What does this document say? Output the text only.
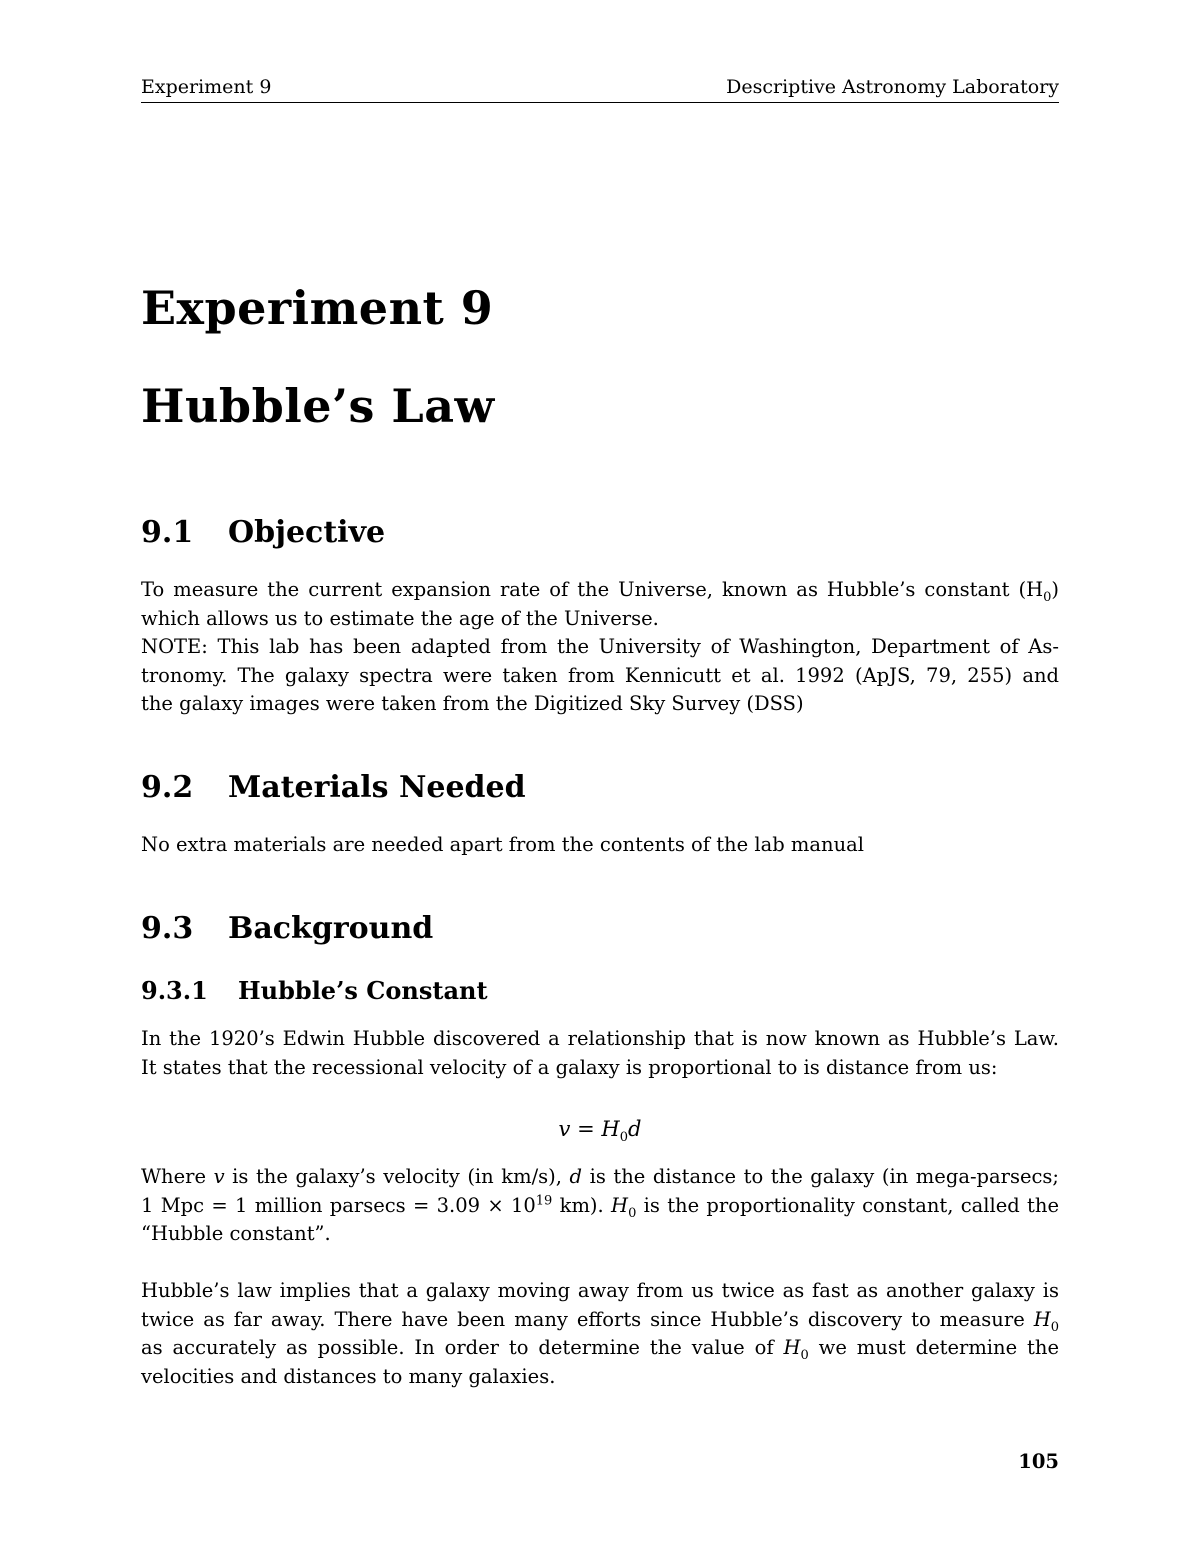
Experiment 9	Descriptive Astronomy Laboratory
Experiment 9
Hubble’s Law
9.1 Objective
To measure the current expansion rate of the Universe, known as Hubble’s constant $(H_0)$
which allows us to estimate the age of the Universe.
NOTE: This lab has been adapted from the University of Washington, Department of As-
tronomy. The galaxy spectra were taken from Kennicutt et al. 1992 (ApJS, 79, 255) and
the galaxy images were taken from the Digitized Sky Survey (DSS)
9.2 Materials Needed
No extra materials are needed apart from the contents of the lab manual
9.3 Background
9.3.1 Hubble’s Constant
In the 1920’s Edwin Hubble discovered a relationship that is now known as Hubble’s Law.
It states that the recessional velocity of a galaxy is proportional to is distance from us:
$v = H_0d$
Where v is the galaxy’s velocity (in km/s), d is the distance to the galaxy (in mega-parsecs;
1 Mpc = 1 million $parsecs = 3.09 \times 10^{19}$ km). $H_0$ is the proportionality constant, called the
“Hubble constant”.
Hubble’s law implies that a galaxy moving away from us twice as fast as another galaxy is
twice as far away. There have been many efforts since Hubble’s discovery to measure $H_0$
as accurately as possible. In order to determine the value of $H_0$ we must determine the
velocities and distances to many galaxies.
105
